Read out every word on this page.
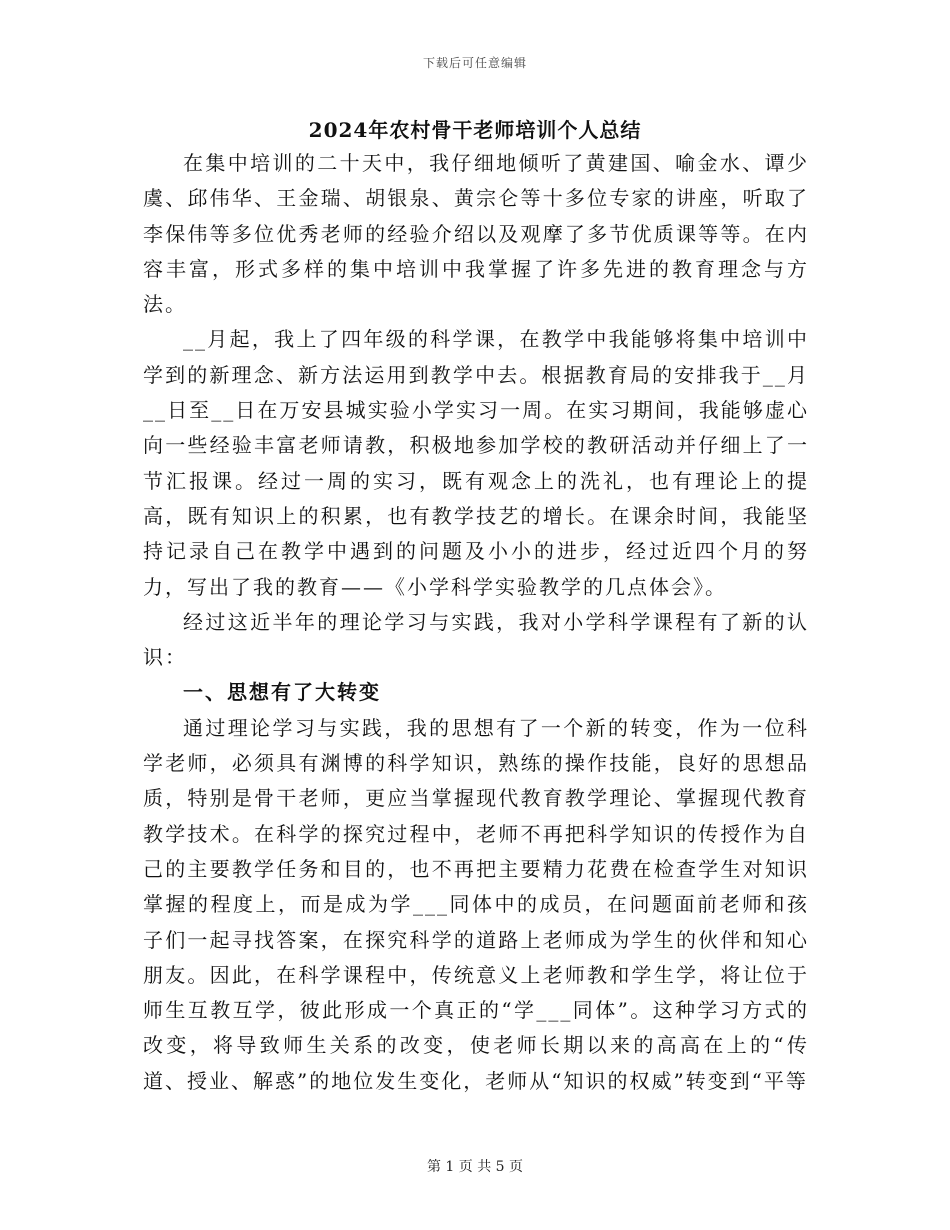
下载后可任意编辑
2024年农村骨干老师培训个人总结

在集中培训的二十天中，我仔细地倾听了黄建国、喻金水、谭少虞、邱伟华、王金瑞、胡银泉、黄宗仑等十多位专家的讲座，听取了李保伟等多位优秀老师的经验介绍以及观摩了多节优质课等等。在内容丰富，形式多样的集中培训中我掌握了许多先进的教育理念与方法。

__月起，我上了四年级的科学课，在教学中我能够将集中培训中学到的新理念、新方法运用到教学中去。根据教育局的安排我于__月__日至__日在万安县城实验小学实习一周。在实习期间，我能够虚心向一些经验丰富老师请教，积极地参加学校的教研活动并仔细上了一节汇报课。经过一周的实习，既有观念上的洗礼，也有理论上的提高，既有知识上的积累，也有教学技艺的增长。在课余时间，我能坚持记录自己在教学中遇到的问题及小小的进步，经过近四个月的努力，写出了我的教育——《小学科学实验教学的几点体会》。

经过这近半年的理论学习与实践，我对小学科学课程有了新的认识：

一、思想有了大转变

通过理论学习与实践，我的思想有了一个新的转变，作为一位科学老师，必须具有渊博的科学知识，熟练的操作技能，良好的思想品质，特别是骨干老师，更应当掌握现代教育教学理论、掌握现代教育教学技术。在科学的探究过程中，老师不再把科学知识的传授作为自己的主要教学任务和目的，也不再把主要精力花费在检查学生对知识掌握的程度上，而是成为学___同体中的成员，在问题面前老师和孩子们一起寻找答案，在探究科学的道路上老师成为学生的伙伴和知心朋友。因此，在科学课程中，传统意义上老师教和学生学，将让位于师生互教互学，彼此形成一个真正的“学___同体”。这种学习方式的改变，将导致师生关系的改变，使老师长期以来的高高在上的“传道、授业、解惑”的地位发生变化，老师从“知识的权威”转变到“平等

第 1 页 共 5 页
